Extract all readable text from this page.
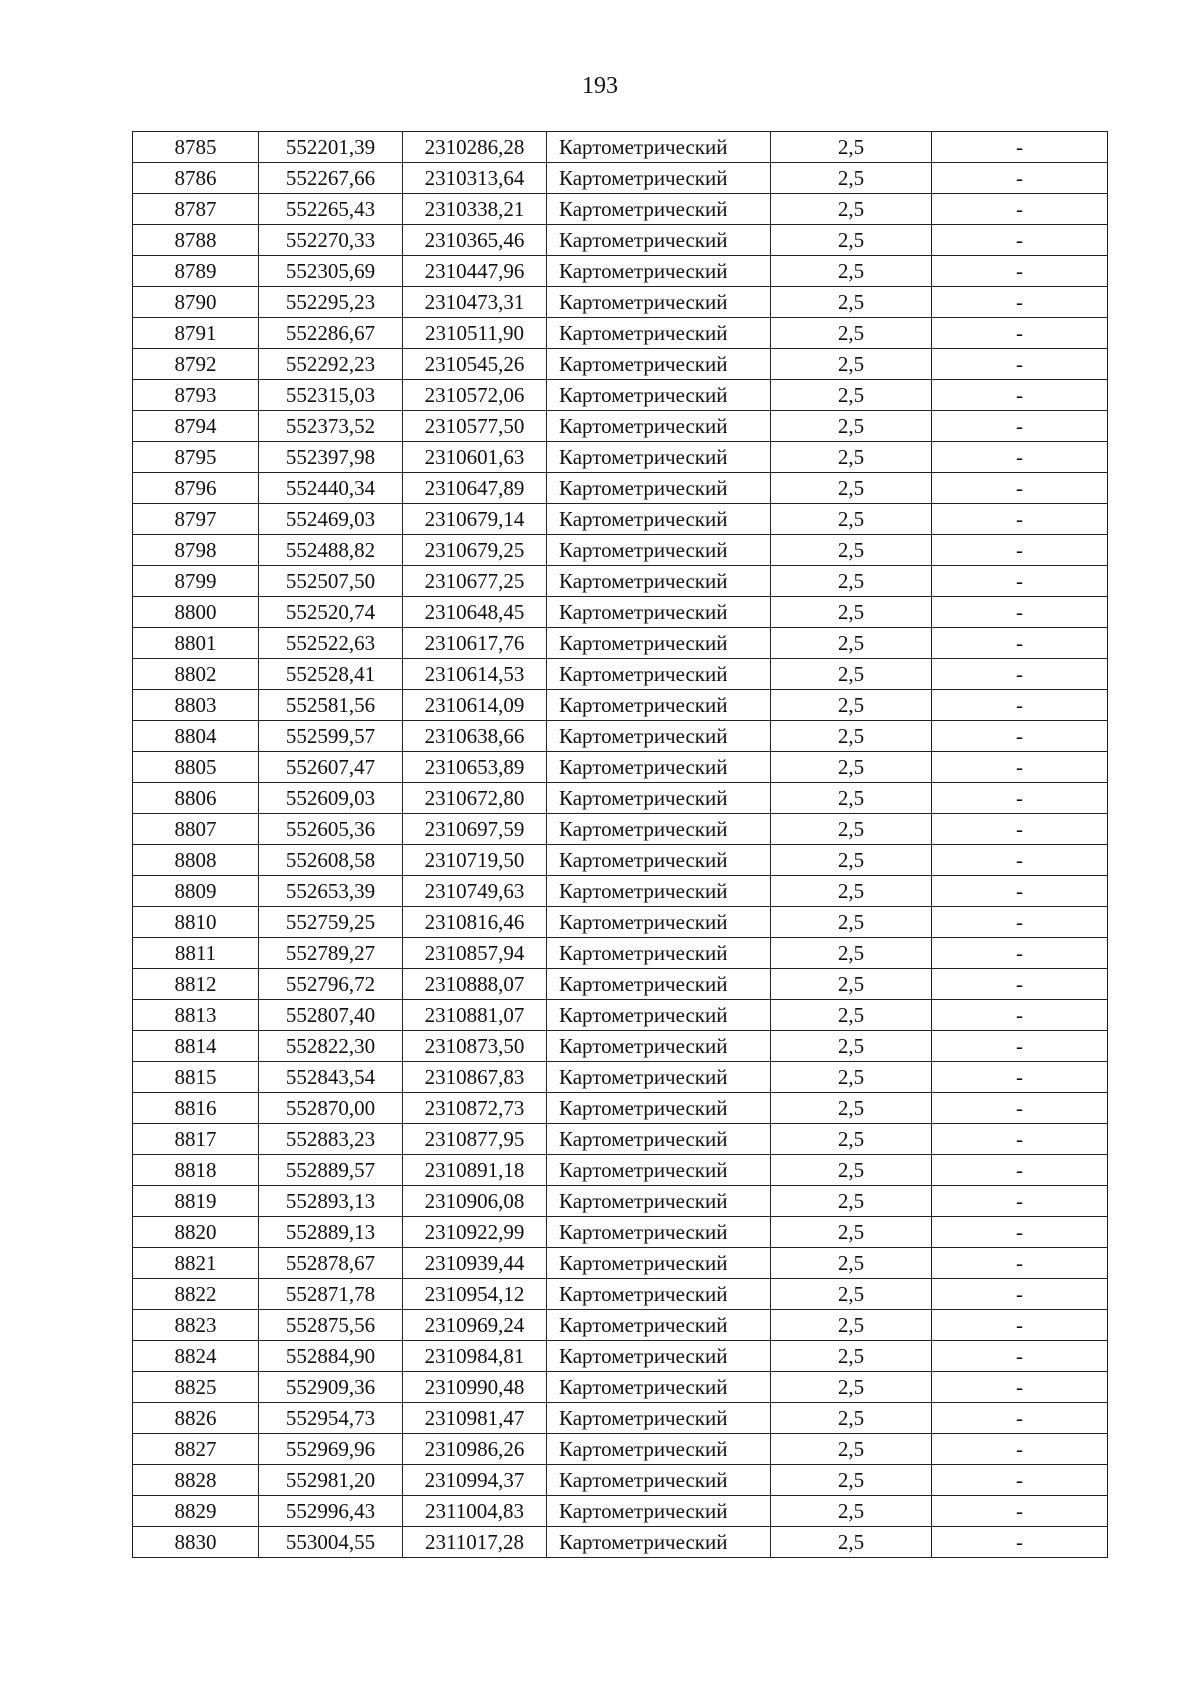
193
8785	552201,39	2310286,28	Картометрический	2,5	-
8786	552267,66	2310313,64	Картометрический	2,5	-
8787	552265,43	2310338,21	Картометрический	2,5	-
8788	552270,33	2310365,46	Картометрический	2,5	-
8789	552305,69	2310447,96	Картометрический	2,5	-
8790	552295,23	2310473,31	Картометрический	2,5	-
8791	552286,67	2310511,90	Картометрический	2,5	-
8792	552292,23	2310545,26	Картометрический	2,5	-
8793	552315,03	2310572,06	Картометрический	2,5	-
8794	552373,52	2310577,50	Картометрический	2,5	-
8795	552397,98	2310601,63	Картометрический	2,5	-
8796	552440,34	2310647,89	Картометрический	2,5	-
8797	552469,03	2310679,14	Картометрический	2,5	-
8798	552488,82	2310679,25	Картометрический	2,5	-
8799	552507,50	2310677,25	Картометрический	2,5	-
8800	552520,74	2310648,45	Картометрический	2,5	-
8801	552522,63	2310617,76	Картометрический	2,5	-
8802	552528,41	2310614,53	Картометрический	2,5	-
8803	552581,56	2310614,09	Картометрический	2,5	-
8804	552599,57	2310638,66	Картометрический	2,5	-
8805	552607,47	2310653,89	Картометрический	2,5	-
8806	552609,03	2310672,80	Картометрический	2,5	-
8807	552605,36	2310697,59	Картометрический	2,5	-
8808	552608,58	2310719,50	Картометрический	2,5	-
8809	552653,39	2310749,63	Картометрический	2,5	-
8810	552759,25	2310816,46	Картометрический	2,5	-
8811	552789,27	2310857,94	Картометрический	2,5	-
8812	552796,72	2310888,07	Картометрический	2,5	-
8813	552807,40	2310881,07	Картометрический	2,5	-
8814	552822,30	2310873,50	Картометрический	2,5	-
8815	552843,54	2310867,83	Картометрический	2,5	-
8816	552870,00	2310872,73	Картометрический	2,5	-
8817	552883,23	2310877,95	Картометрический	2,5	-
8818	552889,57	2310891,18	Картометрический	2,5	-
8819	552893,13	2310906,08	Картометрический	2,5	-
8820	552889,13	2310922,99	Картометрический	2,5	-
8821	552878,67	2310939,44	Картометрический	2,5	-
8822	552871,78	2310954,12	Картометрический	2,5	-
8823	552875,56	2310969,24	Картометрический	2,5	-
8824	552884,90	2310984,81	Картометрический	2,5	-
8825	552909,36	2310990,48	Картометрический	2,5	-
8826	552954,73	2310981,47	Картометрический	2,5	-
8827	552969,96	2310986,26	Картометрический	2,5	-
8828	552981,20	2310994,37	Картометрический	2,5	-
8829	552996,43	2311004,83	Картометрический	2,5	-
8830	553004,55	2311017,28	Картометрический	2,5	-
